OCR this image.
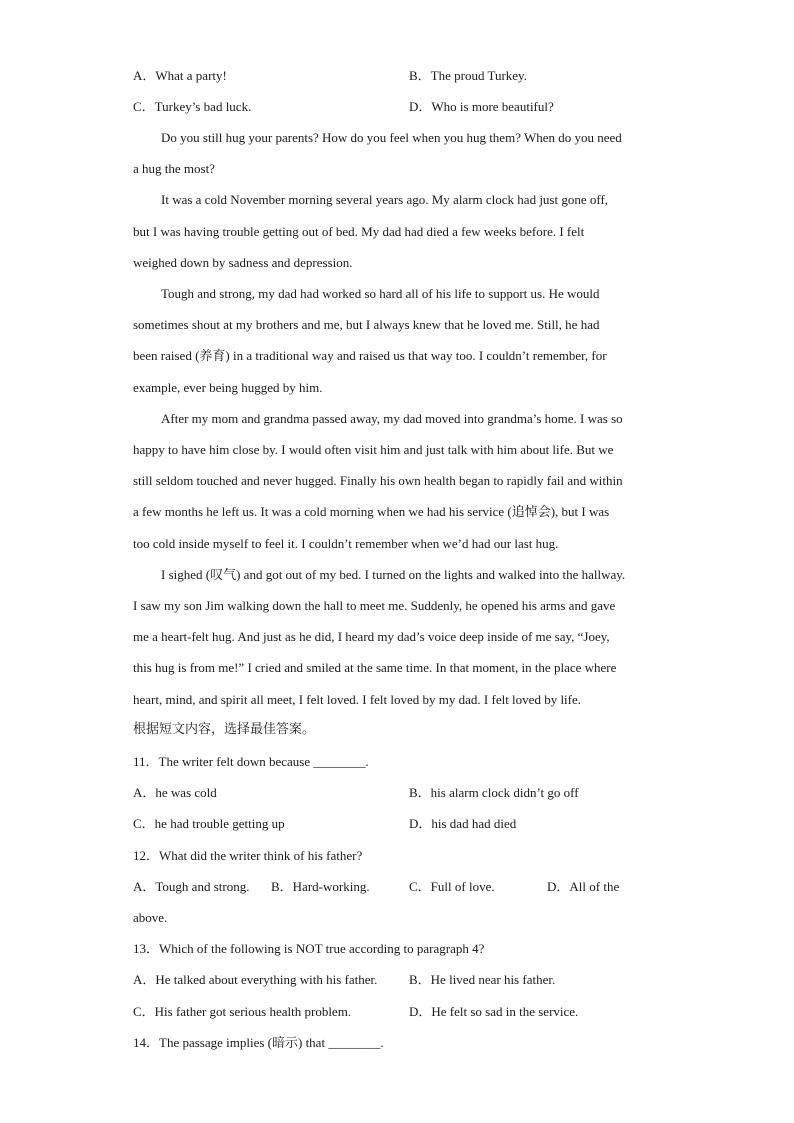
A．What a party!	B．The proud Turkey.
C．Turkey’s bad luck.	D．Who is more beautiful?
Do you still hug your parents? How do you feel when you hug them? When do you need
a hug the most?
It was a cold November morning several years ago. My alarm clock had just gone off,
but I was having trouble getting out of bed. My dad had died a few weeks before. I felt
weighed down by sadness and depression.
Tough and strong, my dad had worked so hard all of his life to support us. He would
sometimes shout at my brothers and me, but I always knew that he loved me. Still, he had
been raised (养育) in a traditional way and raised us that way too. I couldn’t remember, for
example, ever being hugged by him.
After my mom and grandma passed away, my dad moved into grandma’s home. I was so
happy to have him close by. I would often visit him and just talk with him about life. But we
still seldom touched and never hugged. Finally his own health began to rapidly fail and within
a few months he left us. It was a cold morning when we had his service (追悼会), but I was
too cold inside myself to feel it. I couldn’t remember when we’d had our last hug.
I sighed (叹气) and got out of my bed. I turned on the lights and walked into the hallway.
I saw my son Jim walking down the hall to meet me. Suddenly, he opened his arms and gave
me a heart-felt hug. And just as he did, I heard my dad’s voice deep inside of me say, “Joey,
this hug is from me!” I cried and smiled at the same time. In that moment, in the place where
heart, mind, and spirit all meet, I felt loved. I felt loved by my dad. I felt loved by life.
根据短文内容，选择最佳答案。
11．The writer felt down because ________.
A．he was cold	B．his alarm clock didn’t go off
C．he had trouble getting up	D．his dad had died
12．What did the writer think of his father?
A．Tough and strong. B．Hard-working.	C．Full of love.	D．All of the
above.
13．Which of the following is NOT true according to paragraph 4?
A．He talked about everything with his father. B．He lived near his father.
C．His father got serious health problem.	D．He felt so sad in the service.
14．The passage implies (暗示) that ________.
